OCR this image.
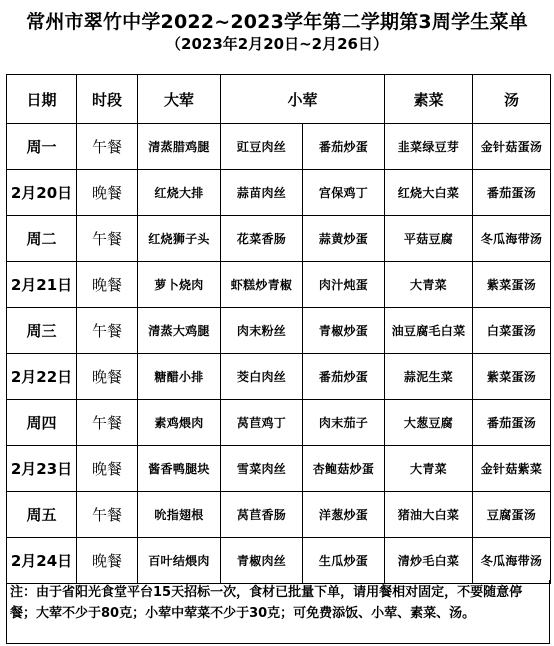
常州市翠竹中学2022~2023学年第二学期第3周学生菜单
（2023年2月20日~2月26日）
日期	时段	大荤	小荤		素菜	汤
周一	午餐	清蒸腊鸡腿	豇豆肉丝	番茄炒蛋	韭菜绿豆芽	金针菇蛋汤
2月20日	晚餐	红烧大排	蒜苗肉丝	宫保鸡丁	红烧大白菜	番茄蛋汤
周二	午餐	红烧狮子头	花菜香肠	蒜黄炒蛋	平菇豆腐	冬瓜海带汤
2月21日	晚餐	萝卜烧肉	虾糕炒青椒	肉汁炖蛋	大青菜	紫菜蛋汤
周三	午餐	清蒸大鸡腿	肉末粉丝	青椒炒蛋	油豆腐毛白菜	白菜蛋汤
2月22日	晚餐	糖醋小排	茭白肉丝	番茄炒蛋	蒜泥生菜	紫菜蛋汤
周四	午餐	素鸡煨肉	莴苣鸡丁	肉末茄子	大葱豆腐	番茄蛋汤
2月23日	晚餐	酱香鸭腿块	雪菜肉丝	杏鲍菇炒蛋	大青菜	金针菇紫菜
周五	午餐	吮指翅根	莴苣香肠	洋葱炒蛋	猪油大白菜	豆腐蛋汤
2月24日	晚餐	百叶结煨肉	青椒肉丝	生瓜炒蛋	清炒毛白菜	冬瓜海带汤
注：由于省阳光食堂平台15天招标一次，食材已批量下单，请用餐相对固定，不要随意停餐；大荤不少于80克；小荤中荤菜不少于30克；可免费添饭、小荤、素菜、汤。
